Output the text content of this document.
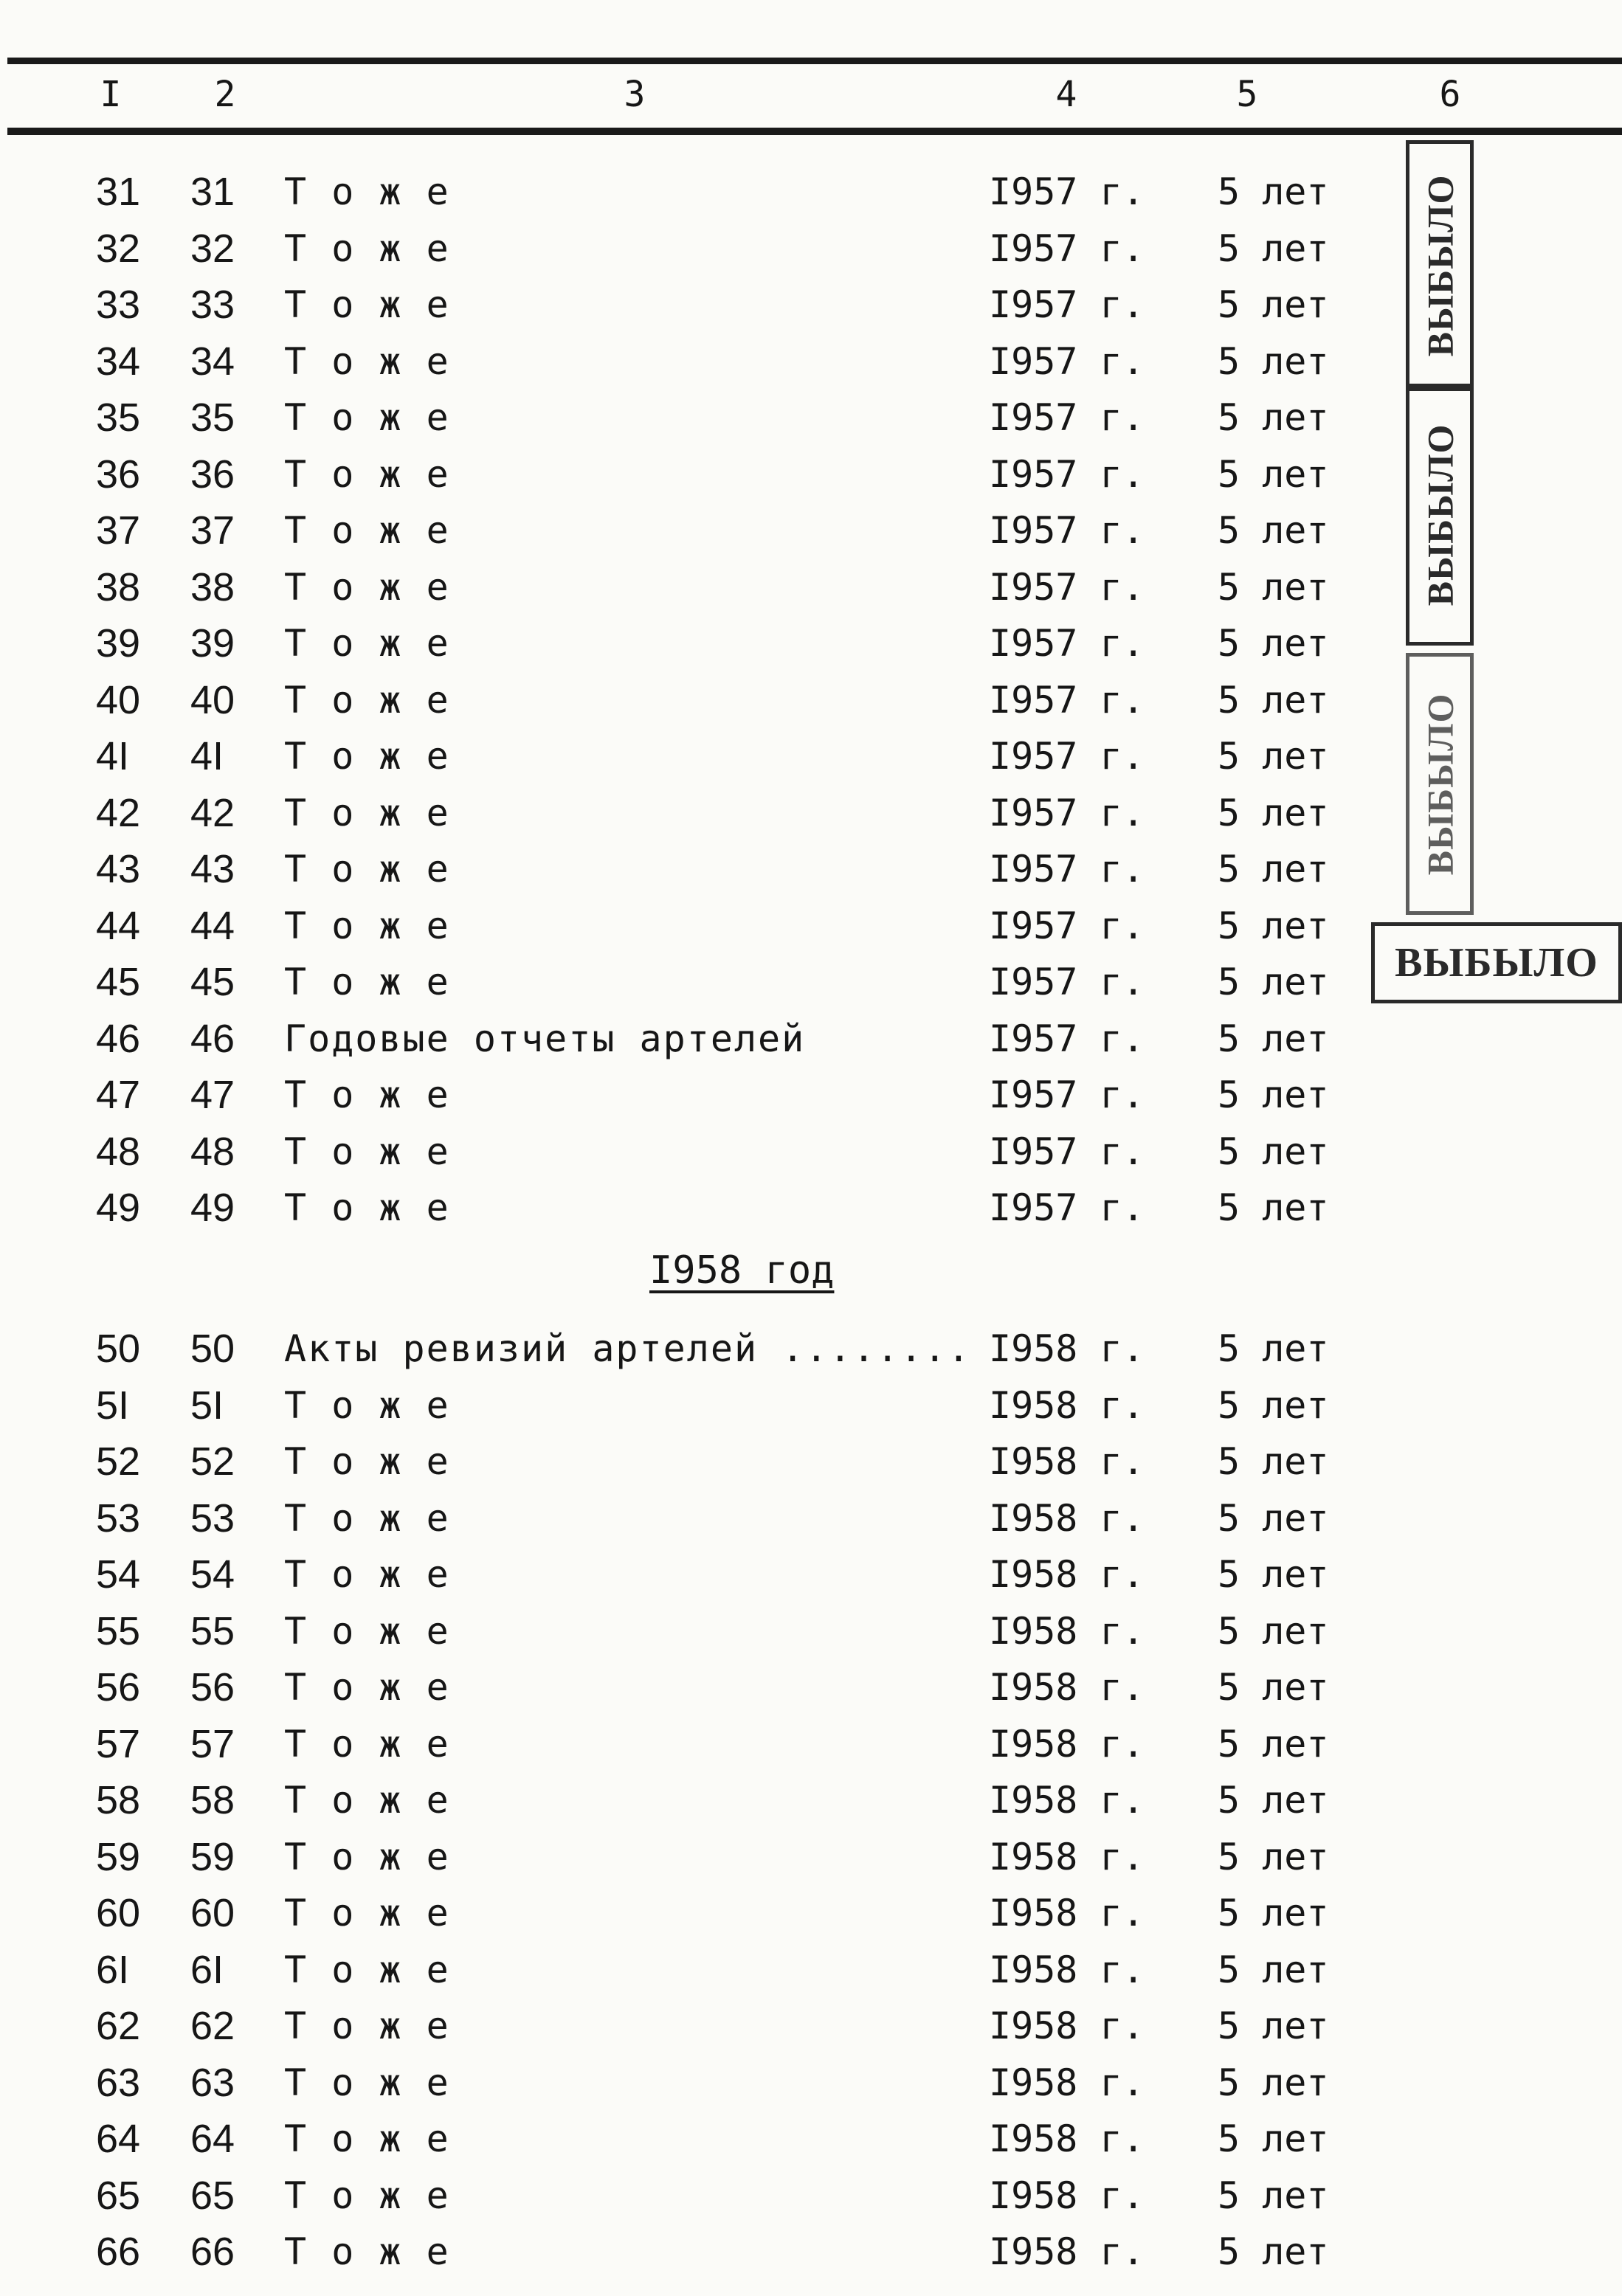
I	2	3	4	5	6
31	31	Т о ж е	I957 г. 5 лет
32	32	Т о ж е	I957 г. 5 лет
33	33	Т о ж е	I957 г. 5 лет
34	34	Т о ж е	I957 г. 5 лет
35	35	Т о ж е	I957 г. 5 лет
36	36	Т о ж е	I957 г. 5 лет
37	37	Т о ж е	I957 г. 5 лет
38	38	Т о ж е	I957 г. 5 лет
39	39	Т о ж е	I957 г. 5 лет
40	40	Т о ж е	I957 г. 5 лет
4I	4I	Т о ж е	I957 г. 5 лет
42	42	Т о ж е	I957 г. 5 лет
43	43	Т о ж е	I957 г. 5 лет
44	44	Т о ж е	I957 г. 5 лет
45	45	Т о ж е	I957 г. 5 лет
46	46	Годовые отчеты артелей	I957 г. 5 лет
47	47	Т о ж е	I957 г. 5 лет
48	48	Т о ж е	I957 г. 5 лет
49	49	Т о ж е	I957 г. 5 лет
I958 год
50	50	Акты ревизий артелей ........ I958 г. 5 лет
5I	5I	Т о ж е	I958 г. 5 лет
52	52	Т о ж е	I958 г. 5 лет
53	53	Т о ж е	I958 г. 5 лет
54	54	Т о ж е	I958 г. 5 лет
55	55	Т о ж е	I958 г. 5 лет
56	56	Т о ж е	I958 г. 5 лет
57	57	Т о ж е	I958 г. 5 лет
58	58	Т о ж е	I958 г. 5 лет
59	59	Т о ж е	I958 г. 5 лет
60	60	Т о ж е	I958 г. 5 лет
6I	6I	Т о ж е	I958 г. 5 лет
62	62	Т о ж е	I958 г. 5 лет
63	63	Т о ж е	I958 г. 5 лет
64	64	Т о ж е	I958 г. 5 лет
65	65	Т о ж е	I958 г. 5 лет
66	66	Т о ж е	I958 г. 5 лет
ВЫБЫЛО
ВЫБЫЛО
ВЫБЫЛО
ВЫБЫЛО
